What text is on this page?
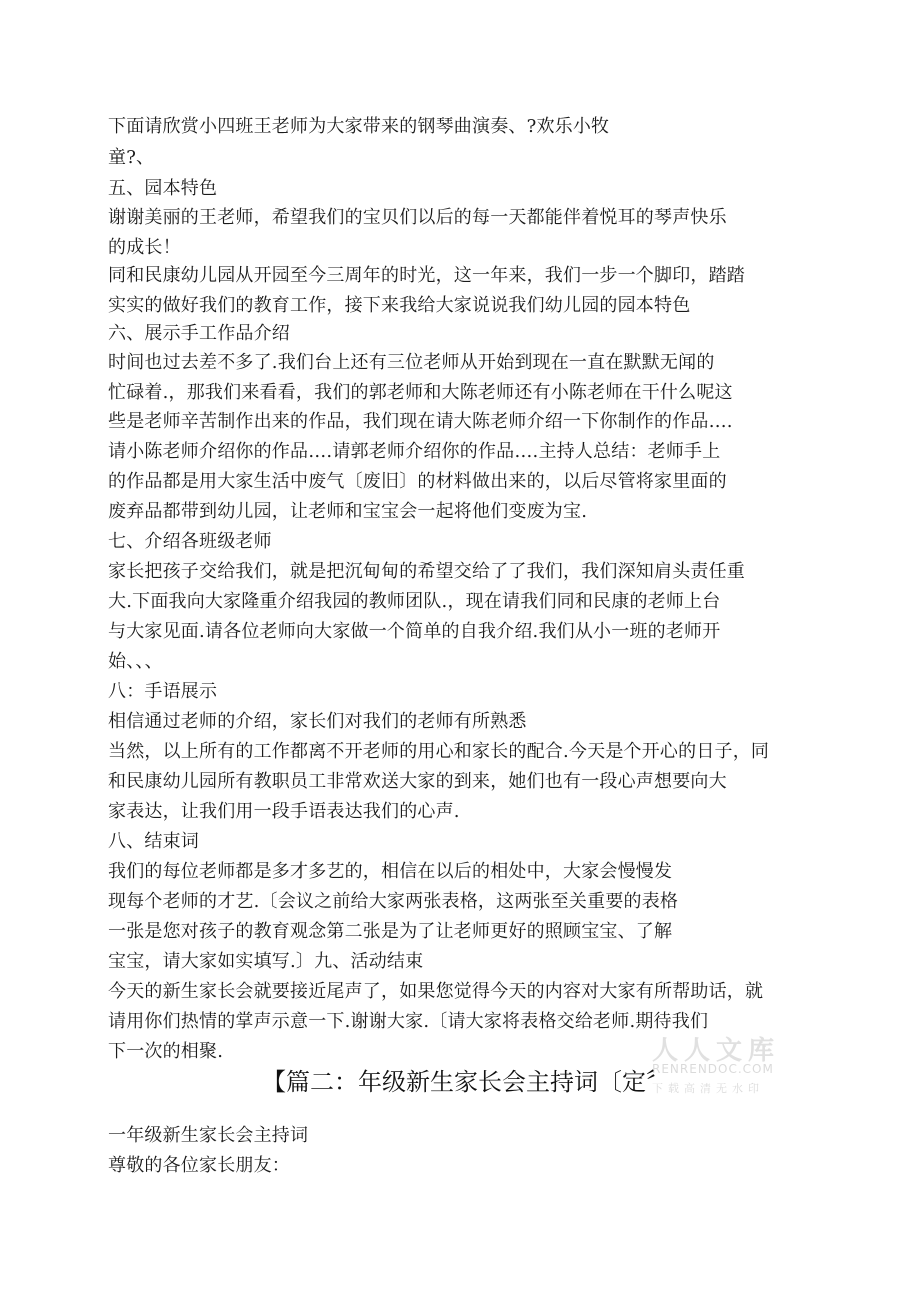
下面请欣赏小四班王老师为大家带来的钢琴曲演奏、?欢乐小牧
童?、
五、园本特色
谢谢美丽的王老师，希望我们的宝贝们以后的每一天都能伴着悦耳的琴声快乐
的成长！
同和民康幼儿园从开园至今三周年的时光，这一年来，我们一步一个脚印，踏踏
实实的做好我们的教育工作，接下来我给大家说说我们幼儿园的园本特色
六、展示手工作品介绍
时间也过去差不多了.我们台上还有三位老师从开始到现在一直在默默无闻的
忙碌着.，那我们来看看，我们的郭老师和大陈老师还有小陈老师在干什么呢这
些是老师辛苦制作出来的作品，我们现在请大陈老师介绍一下你制作的作品….
请小陈老师介绍你的作品….请郭老师介绍你的作品….主持人总结：老师手上
的作品都是用大家生活中废气〔废旧〕的材料做出来的，以后尽管将家里面的
废弃品都带到幼儿园，让老师和宝宝会一起将他们变废为宝.
七、介绍各班级老师
家长把孩子交给我们，就是把沉甸甸的希望交给了了我们，我们深知肩头责任重
大.下面我向大家隆重介绍我园的教师团队.，现在请我们同和民康的老师上台
与大家见面.请各位老师向大家做一个简单的自我介绍.我们从小一班的老师开
始、、、
八：手语展示
相信通过老师的介绍，家长们对我们的老师有所熟悉
当然，以上所有的工作都离不开老师的用心和家长的配合.今天是个开心的日子，同
和民康幼儿园所有教职员工非常欢送大家的到来，她们也有一段心声想要向大
家表达，让我们用一段手语表达我们的心声.
八、结束词
我们的每位老师都是多才多艺的，相信在以后的相处中，大家会慢慢发
现每个老师的才艺.〔会议之前给大家两张表格，这两张至关重要的表格
一张是您对孩子的教育观念第二张是为了让老师更好的照顾宝宝、了解
宝宝，请大家如实填写.〕九、活动结束
今天的新生家长会就要接近尾声了，如果您觉得今天的内容对大家有所帮助话，就
请用你们热情的掌声示意一下.谢谢大家.〔请大家将表格交给老师.期待我们
下一次的相聚.
【篇二：年级新生家长会主持词〔定〞
一年级新生家长会主持词
尊敬的各位家长朋友：
人人文库
RENRENDOC.COM
下载高清无水印
